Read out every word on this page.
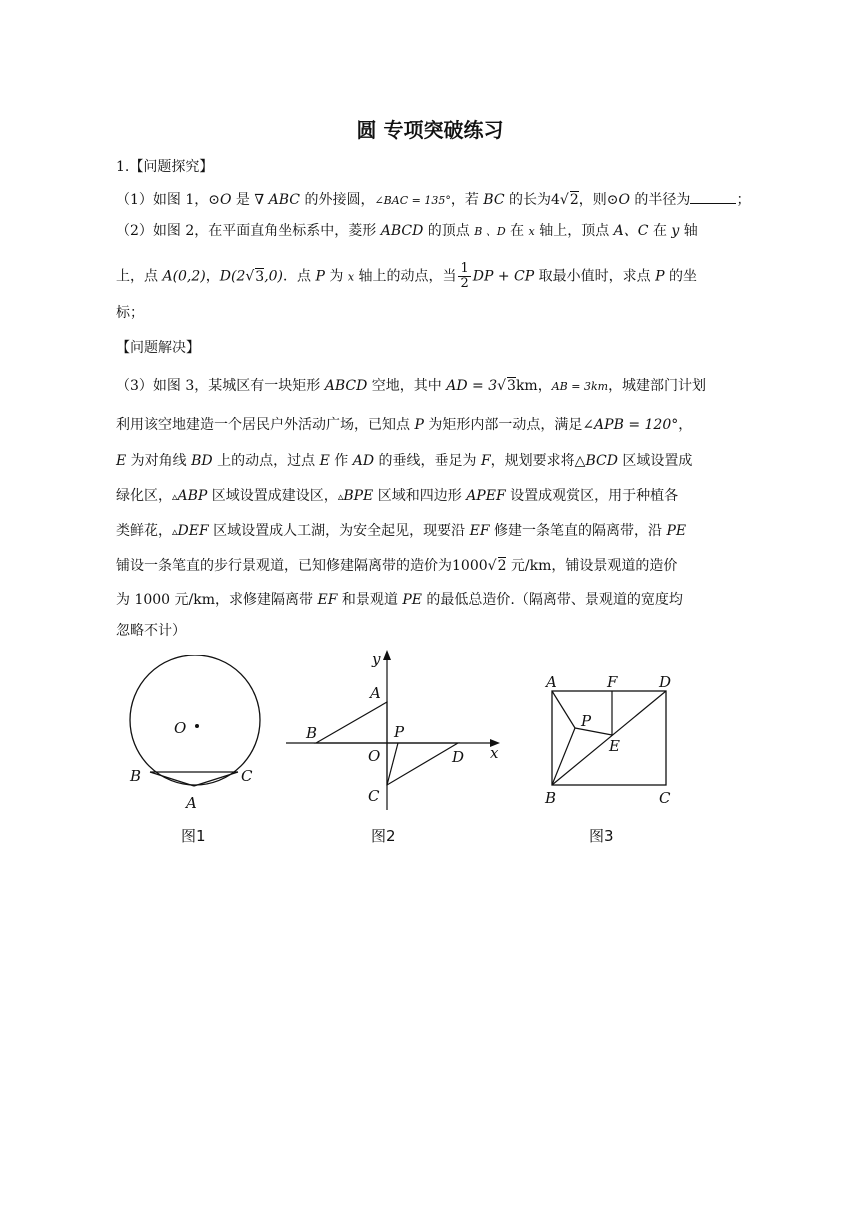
圆 专项突破练习
1.【问题探究】
（1）如图 1，⊙O 是 ∇ ABC 的外接圆，∠BAC = 135°，若 BC 的长为4√2，则⊙O 的半径为	；
（2）如图 2，在平面直角坐标系中，菱形 ABCD 的顶点 B 、D 在 x 轴上，顶点 A、C 在 y 轴
上，点 A(0,2)，D(2√3,0)．点 P 为 x 轴上的动点，当 $\frac{1}{2}$ DP + CP 取最小值时，求点 P 的坐
标；
【问题解决】
（3）如图 3，某城区有一块矩形 ABCD 空地，其中 AD = 3√3km，AB = 3km，城建部门计划
利用该空地建造一个居民户外活动广场，已知点 P 为矩形内部一动点，满足∠APB = 120°，
E 为对角线 BD 上的动点，过点 E 作 AD 的垂线，垂足为 F，规划要求将△BCD 区域设置成
绿化区，▵ABP 区域设置成建设区，▵BPE 区域和四边形 APEF 设置成观赏区，用于种植各
类鲜花，▵DEF 区域设置成人工湖，为安全起见，现要沿 EF 修建一条笔直的隔离带，沿 PE
铺设一条笔直的步行景观道，已知修建隔离带的造价为1000√2 元/km，铺设景观道的造价
为 1000 元/km，求修建隔离带 EF 和景观道 PE 的最低总造价.（隔离带、景观道的宽度均
忽略不计）
O
B	C
A
图1
y
x
A
B	P
O	D
C
图2
A	F	D
P
E
B	C
图3
